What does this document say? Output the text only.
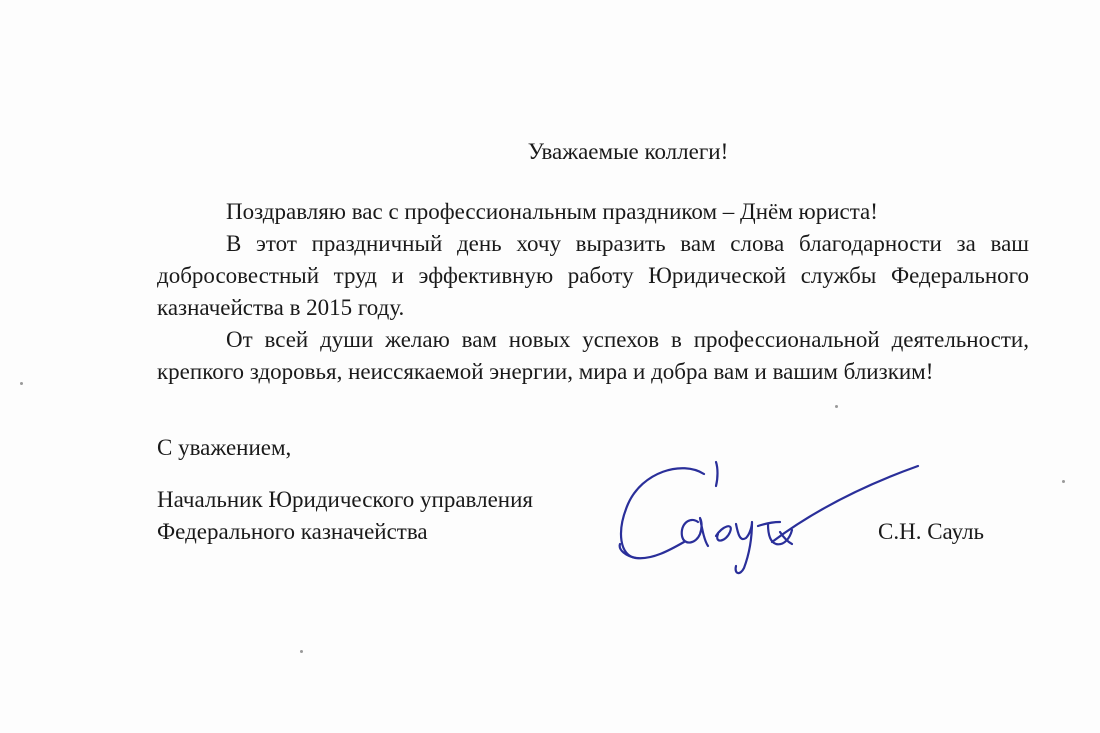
Уважаемые коллеги!

Поздравляю вас с профессиональным праздником – Днём юриста!

В этот праздничный день хочу выразить вам слова благодарности за ваш добросовестный труд и эффективную работу Юридической службы Федерального казначейства в 2015 году.

От всей души желаю вам новых успехов в профессиональной деятельности, крепкого здоровья, неиссякаемой энергии, мира и добра вам и вашим близким!

С уважением,

Начальник Юридического управления
Федерального казначейства	С.Н. Сауль
